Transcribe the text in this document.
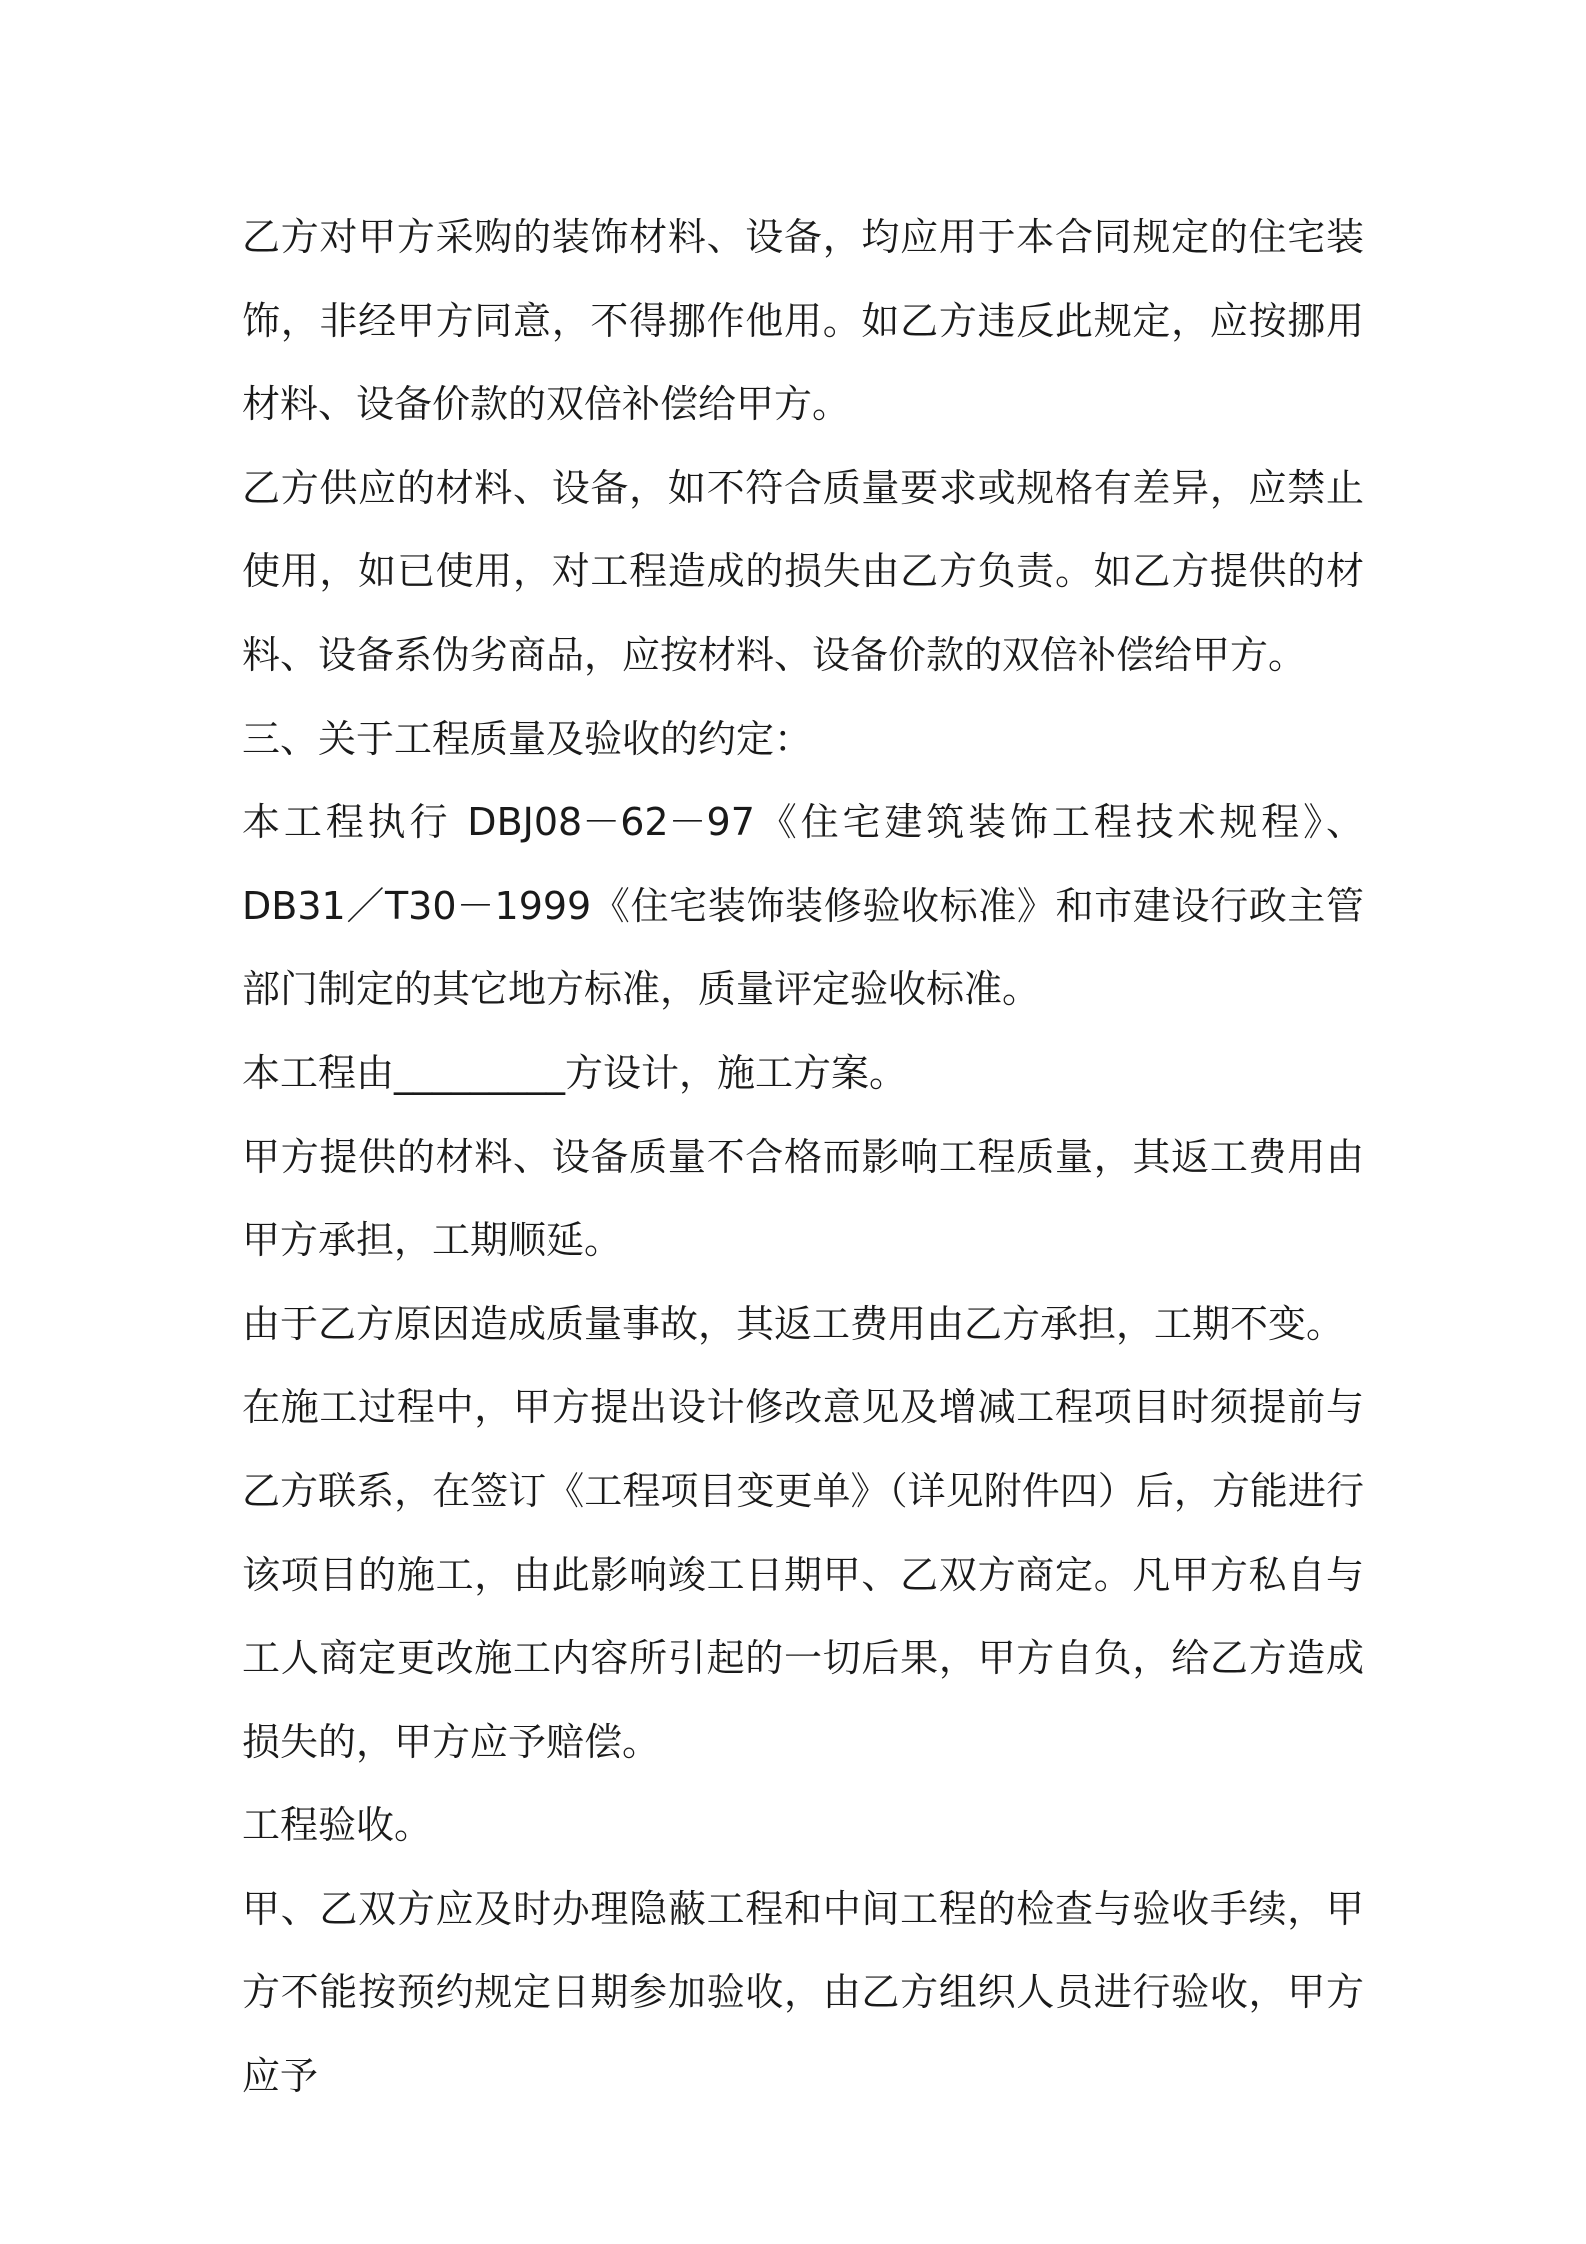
乙方对甲方采购的装饰材料、设备，均应用于本合同规定的住宅装饰，非经甲方同意，不得挪作他用。如乙方违反此规定，应按挪用材料、设备价款的双倍补偿给甲方。

乙方供应的材料、设备，如不符合质量要求或规格有差异，应禁止使用，如已使用，对工程造成的损失由乙方负责。如乙方提供的材料、设备系伪劣商品，应按材料、设备价款的双倍补偿给甲方。

三、关于工程质量及验收的约定：

本工程执行 DBJ08－62－97《住宅建筑装饰工程技术规程》、DB31／T30－1999《住宅装饰装修验收标准》和市建设行政主管部门制定的其它地方标准，质量评定验收标准。

本工程由_________方设计，施工方案。

甲方提供的材料、设备质量不合格而影响工程质量，其返工费用由甲方承担，工期顺延。

由于乙方原因造成质量事故，其返工费用由乙方承担，工期不变。

在施工过程中，甲方提出设计修改意见及增减工程项目时须提前与乙方联系，在签订《工程项目变更单》（详见附件四）后，方能进行该项目的施工，由此影响竣工日期甲、乙双方商定。凡甲方私自与工人商定更改施工内容所引起的一切后果，甲方自负，给乙方造成损失的，甲方应予赔偿。

工程验收。

甲、乙双方应及时办理隐蔽工程和中间工程的检查与验收手续，甲方不能按预约规定日期参加验收，由乙方组织人员进行验收，甲方应予
